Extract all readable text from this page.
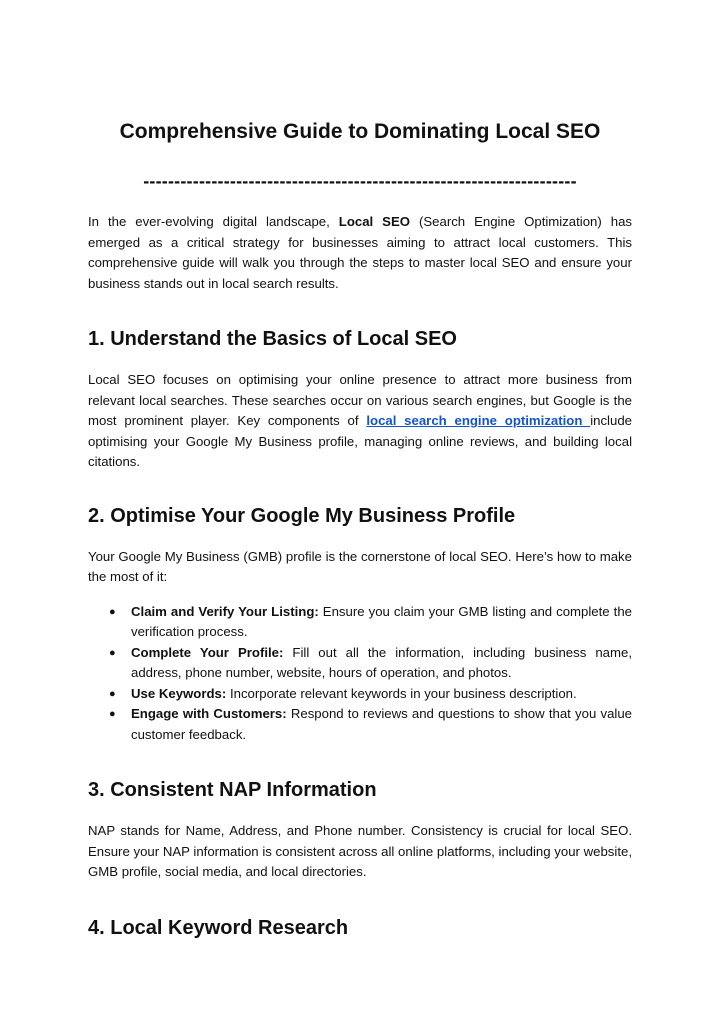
Comprehensive Guide to Dominating Local SEO
----------------------------------------------------------------------

In the ever-evolving digital landscape, Local SEO (Search Engine Optimization) has emerged as a critical strategy for businesses aiming to attract local customers. This comprehensive guide will walk you through the steps to master local SEO and ensure your business stands out in local search results.

1. Understand the Basics of Local SEO

Local SEO focuses on optimising your online presence to attract more business from relevant local searches. These searches occur on various search engines, but Google is the most prominent player. Key components of local search engine optimization include optimising your Google My Business profile, managing online reviews, and building local citations.

2. Optimise Your Google My Business Profile

Your Google My Business (GMB) profile is the cornerstone of local SEO. Here’s how to make the most of it:

● Claim and Verify Your Listing: Ensure you claim your GMB listing and complete the verification process.
● Complete Your Profile: Fill out all the information, including business name, address, phone number, website, hours of operation, and photos.
● Use Keywords: Incorporate relevant keywords in your business description.
● Engage with Customers: Respond to reviews and questions to show that you value customer feedback.
3. Consistent NAP Information

NAP stands for Name, Address, and Phone number. Consistency is crucial for local SEO. Ensure your NAP information is consistent across all online platforms, including your website, GMB profile, social media, and local directories.

4. Local Keyword Research
